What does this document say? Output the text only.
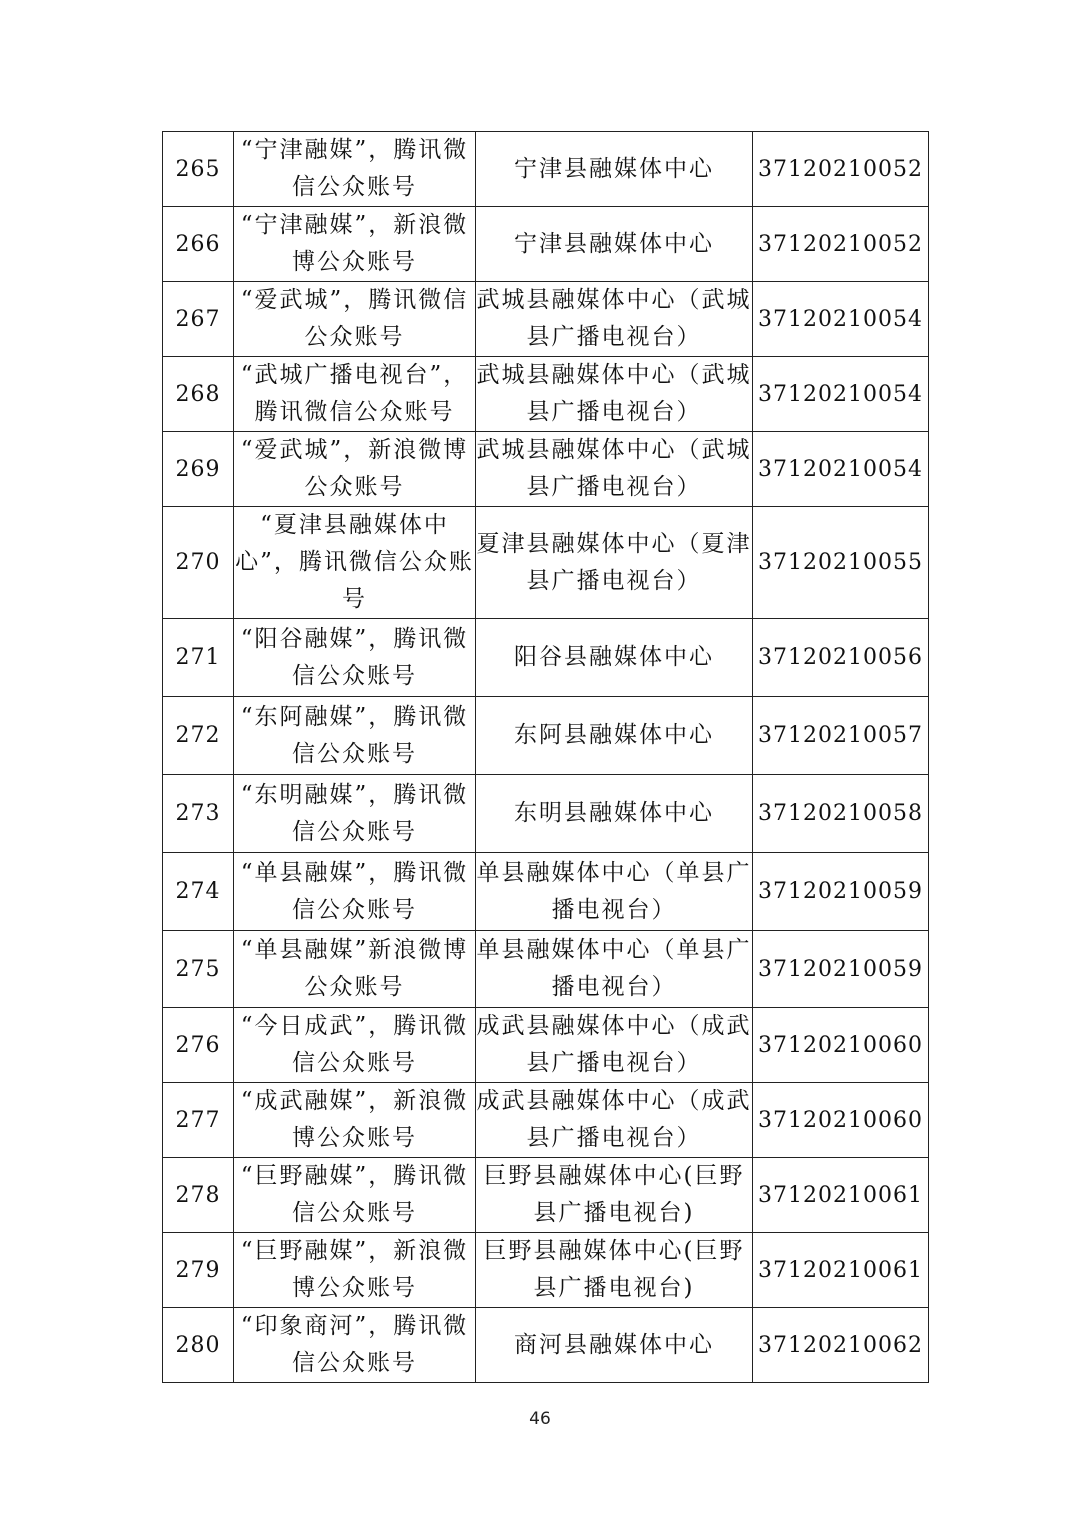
265	“宁津融媒”，腾讯微信公众账号	宁津县融媒体中心	37120210052
266	“宁津融媒”，新浪微博公众账号	宁津县融媒体中心	37120210052
267	“爱武城”，腾讯微信公众账号	武城县融媒体中心（武城县广播电视台）	37120210054
268	“武城广播电视台”，腾讯微信公众账号	武城县融媒体中心（武城县广播电视台）	37120210054
269	“爱武城”，新浪微博公众账号	武城县融媒体中心（武城县广播电视台）	37120210054
270	“夏津县融媒体中心”，腾讯微信公众账号	夏津县融媒体中心（夏津县广播电视台）	37120210055
271	“阳谷融媒”，腾讯微信公众账号	阳谷县融媒体中心	37120210056
272	“东阿融媒”，腾讯微信公众账号	东阿县融媒体中心	37120210057
273	“东明融媒”，腾讯微信公众账号	东明县融媒体中心	37120210058
274	“单县融媒”，腾讯微信公众账号	单县融媒体中心（单县广播电视台）	37120210059
275	“单县融媒”新浪微博公众账号	单县融媒体中心（单县广播电视台）	37120210059
276	“今日成武”，腾讯微信公众账号	成武县融媒体中心（成武县广播电视台）	37120210060
277	“成武融媒”，新浪微博公众账号	成武县融媒体中心（成武县广播电视台）	37120210060
278	“巨野融媒”，腾讯微信公众账号	巨野县融媒体中心(巨野县广播电视台)	37120210061
279	“巨野融媒”，新浪微博公众账号	巨野县融媒体中心(巨野县广播电视台)	37120210061
280	“印象商河”，腾讯微信公众账号	商河县融媒体中心	37120210062
46
